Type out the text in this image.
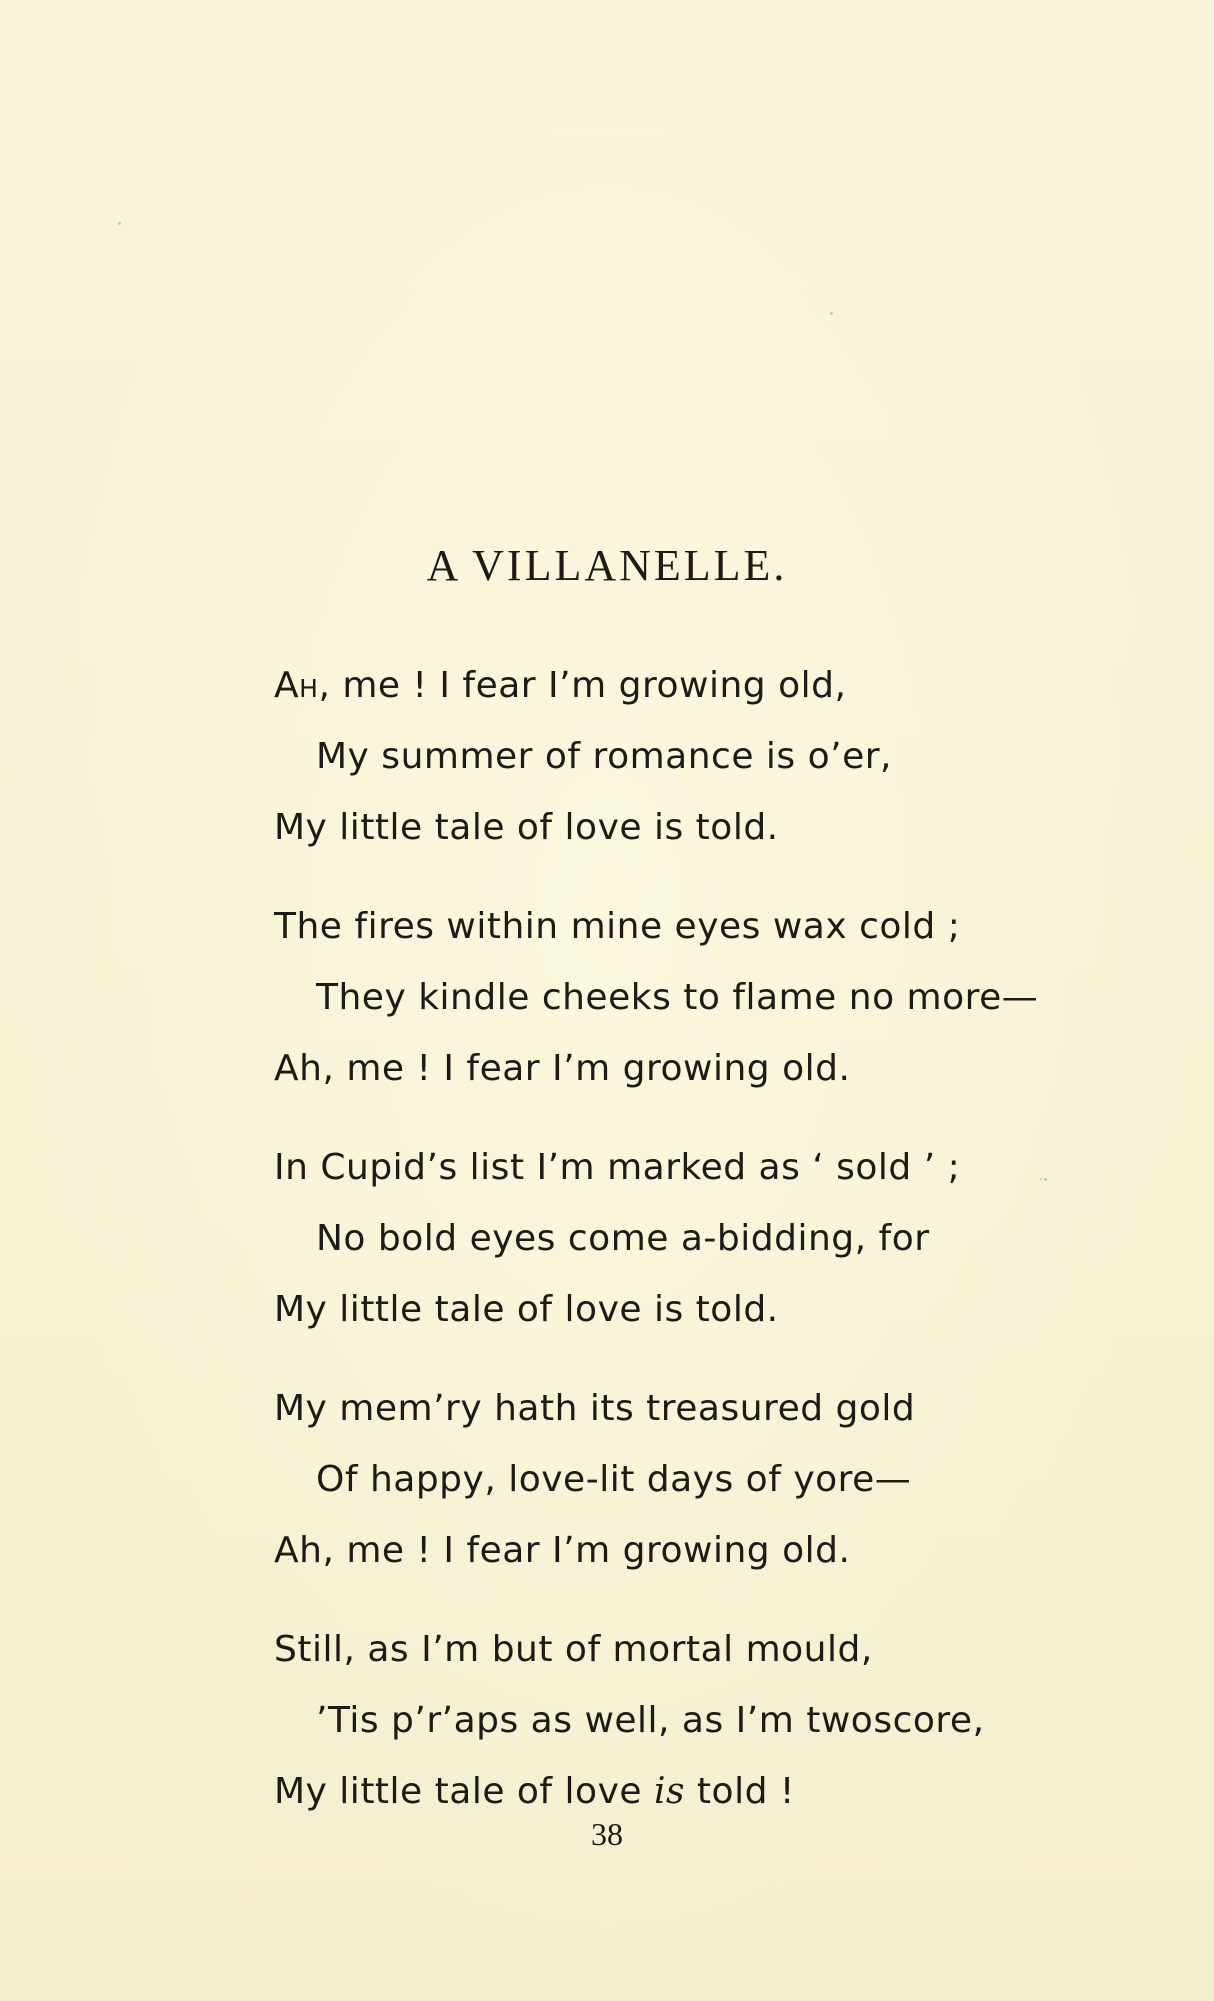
A VILLANELLE.
Ah, me ! I fear I’m growing old,
My summer of romance is o’er,
My little tale of love is told.
The fires within mine eyes wax cold ;
They kindle cheeks to flame no more—
Ah, me ! I fear I’m growing old.
In Cupid’s list I’m marked as ‘ sold ’ ;
No bold eyes come a-bidding, for
My little tale of love is told.
My mem’ry hath its treasured gold
Of happy, love-lit days of yore—
Ah, me ! I fear I’m growing old.
Still, as I’m but of mortal mould,
’Tis p’r’aps as well, as I’m twoscore,
My little tale of love is told !
38
